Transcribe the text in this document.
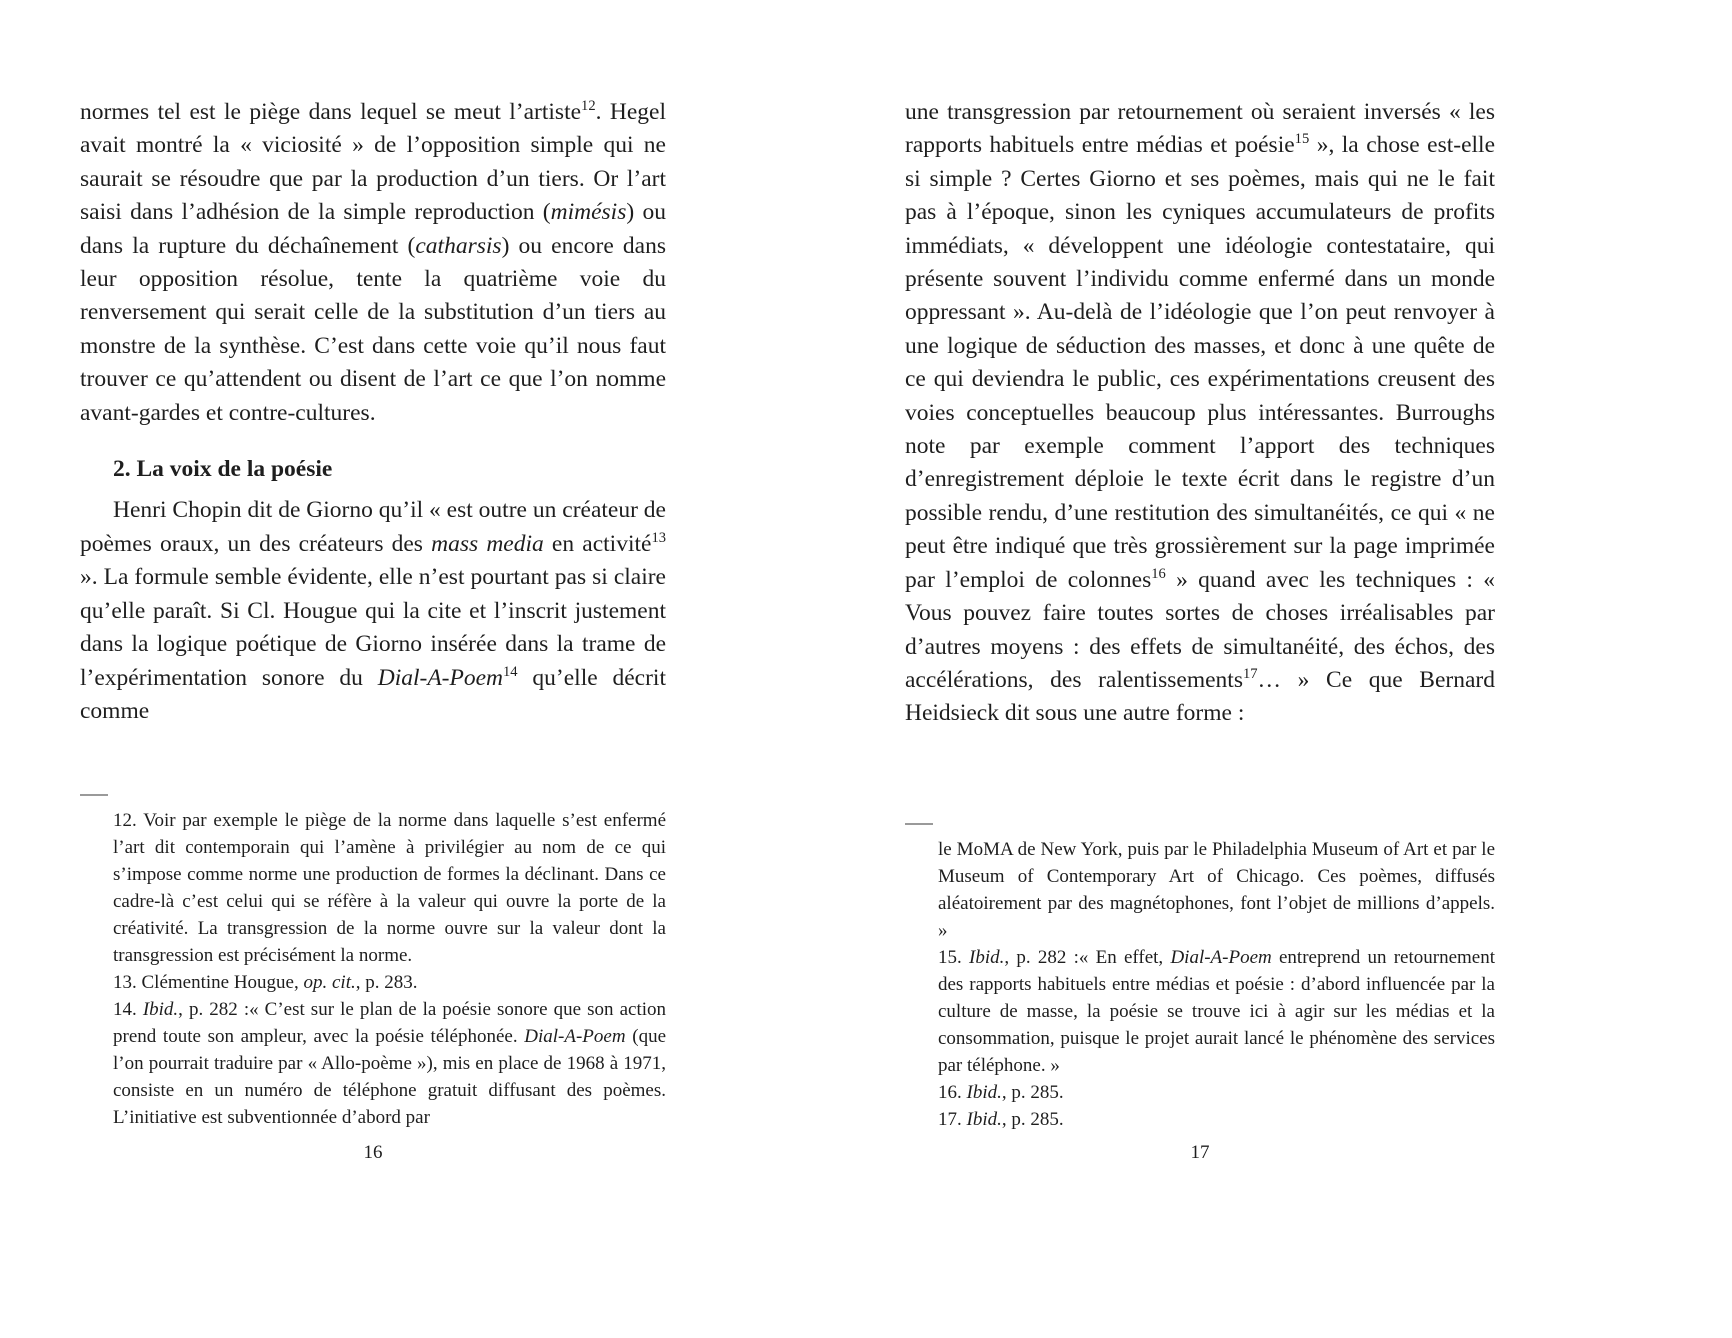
normes tel est le piège dans lequel se meut l’artiste$^{12}$. Hegel avait montré la « viciosité » de l’opposition simple qui ne saurait se résoudre que par la production d’un tiers. Or l’art saisi dans l’adhésion de la simple reproduction (mimésis) ou dans la rupture du déchaînement (catharsis) ou encore dans leur opposition résolue, tente la quatrième voie du renversement qui serait celle de la substitution d’un tiers au monstre de la synthèse. C’est dans cette voie qu’il nous faut trouver ce qu’attendent ou disent de l’art ce que l’on nomme avant-gardes et contre-cultures.

2. La voix de la poésie

Henri Chopin dit de Giorno qu’il « est outre un créateur de poèmes oraux, un des créateurs des mass media en activité$^{13}$ ». La formule semble évidente, elle n’est pourtant pas si claire qu’elle paraît. Si Cl. Hougue qui la cite et l’inscrit justement dans la logique poétique de Giorno insérée dans la trame de l’expérimentation sonore du Dial-A-Poem$^{14}$ qu’elle décrit comme

12. Voir par exemple le piège de la norme dans laquelle s’est enfermé l’art dit contemporain qui l’amène à privilégier au nom de ce qui s’impose comme norme une production de formes la déclinant. Dans ce cadre-là c’est celui qui se réfère à la valeur qui ouvre la porte de la créativité. La transgression de la norme ouvre sur la valeur dont la transgression est précisément la norme.
13. Clémentine Hougue, op. cit., p. 283.
14. Ibid., p. 282 :« C’est sur le plan de la poésie sonore que son action prend toute son ampleur, avec la poésie téléphonée. Dial-A-Poem (que l’on pourrait traduire par « Allo-poème »), mis en place de 1968 à 1971, consiste en un numéro de téléphone gratuit diffusant des poèmes. L’initiative est subventionnée d’abord par
16

une transgression par retournement où seraient inversés « les rapports habituels entre médias et poésie$^{15}$ », la chose est-elle si simple ? Certes Giorno et ses poèmes, mais qui ne le fait pas à l’époque, sinon les cyniques accumulateurs de profits immédiats, « développent une idéologie contestataire, qui présente souvent l’individu comme enfermé dans un monde oppressant ». Au-delà de l’idéologie que l’on peut renvoyer à une logique de séduction des masses, et donc à une quête de ce qui deviendra le public, ces expérimentations creusent des voies conceptuelles beaucoup plus intéressantes. Burroughs note par exemple comment l’apport des techniques d’enregistrement déploie le texte écrit dans le registre d’un possible rendu, d’une restitution des simultanéités, ce qui « ne peut être indiqué que très grossièrement sur la page imprimée par l’emploi de colonnes$^{16}$ » quand avec les techniques : « Vous pouvez faire toutes sortes de choses irréalisables par d’autres moyens : des effets de simultanéité, des échos, des accélérations, des ralentissements$^{17}$… » Ce que Bernard Heidsieck dit sous une autre forme :

le MoMA de New York, puis par le Philadelphia Museum of Art et par le Museum of Contemporary Art of Chicago. Ces poèmes, diffusés aléatoirement par des magnétophones, font l’objet de millions d’appels. »
15. Ibid., p. 282 :« En effet, Dial-A-Poem entreprend un retournement des rapports habituels entre médias et poésie : d’abord influencée par la culture de masse, la poésie se trouve ici à agir sur les médias et la consommation, puisque le projet aurait lancé le phénomène des services par téléphone. »
16. Ibid., p. 285.
17. Ibid., p. 285.
17
